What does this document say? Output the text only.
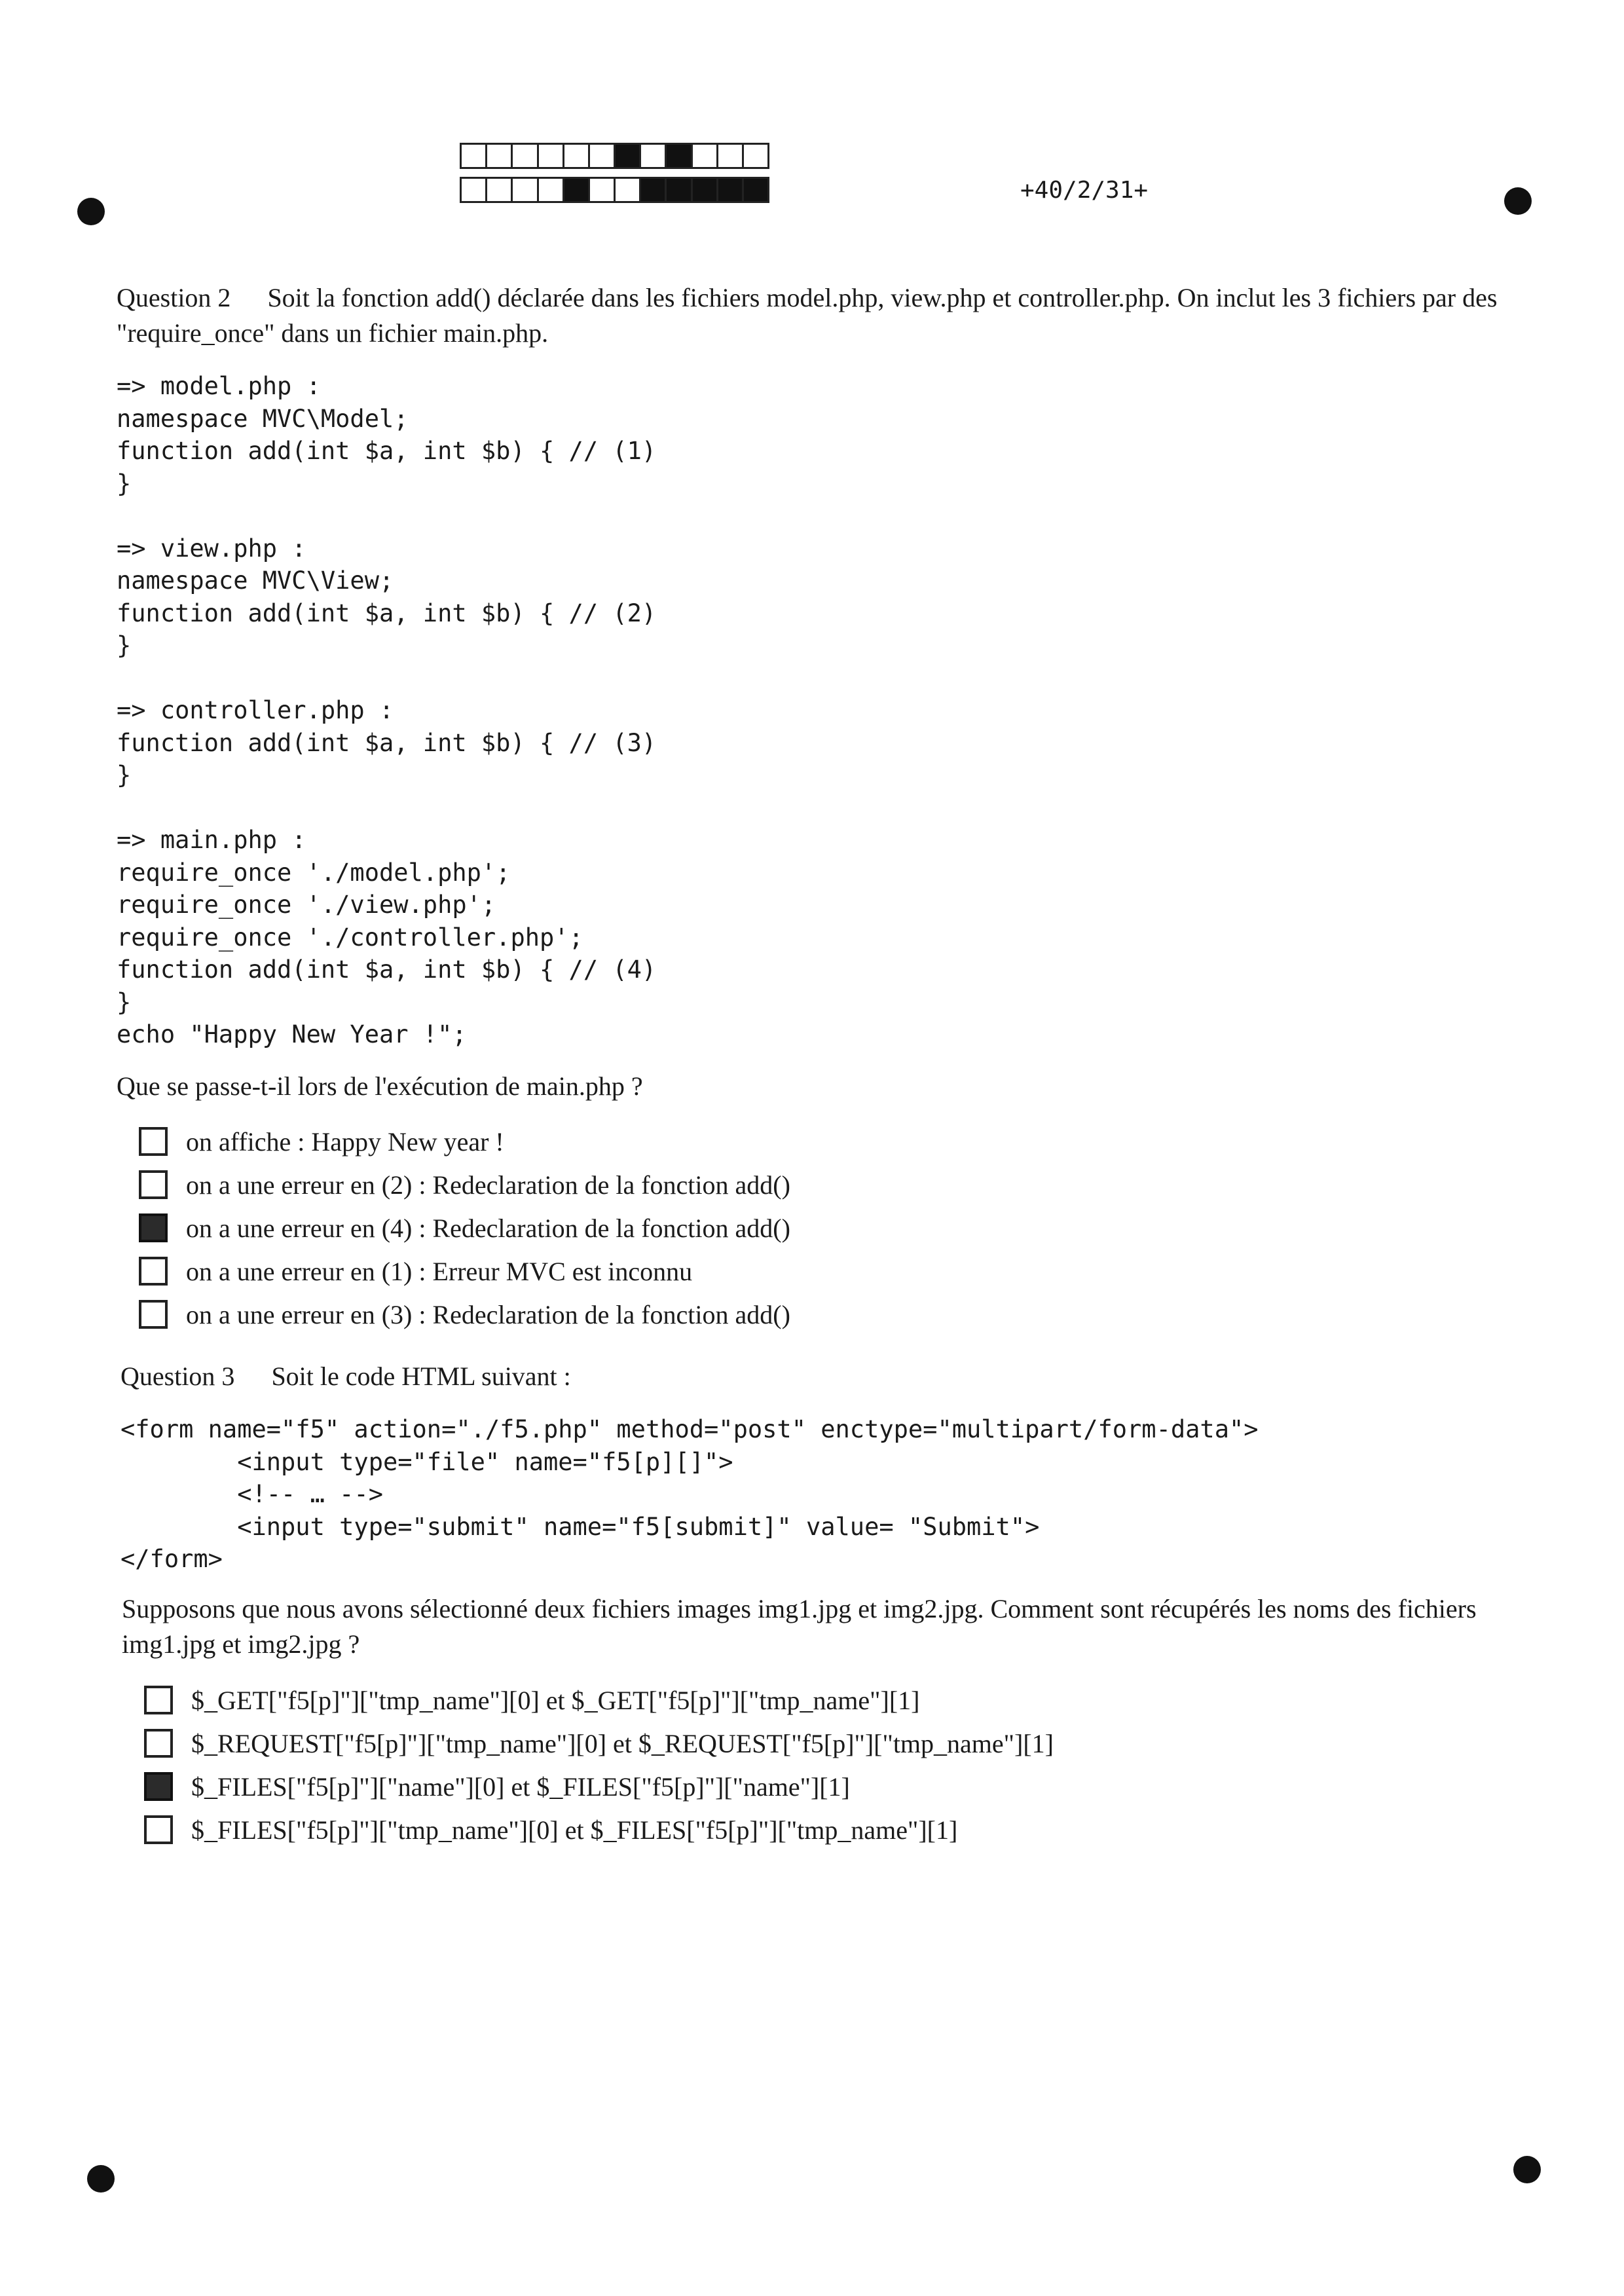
+40/2/31+
Question 2 Soit la fonction add() déclarée dans les fichiers model.php, view.php et controller.php. On inclut les 3 fichiers par des "require_once" dans un fichier main.php.
=> model.php :
namespace MVC\Model;
function add(int $a, int $b) { // (1)
}

=> view.php :
namespace MVC\View;
function add(int $a, int $b) { // (2)
}

=> controller.php :
function add(int $a, int $b) { // (3)
}

=> main.php :
require_once './model.php';
require_once './view.php';
require_once './controller.php';
function add(int $a, int $b) { // (4)
}
echo "Happy New Year !";
Que se passe-t-il lors de l'exécution de main.php ?
on affiche : Happy New year !
on a une erreur en (2) : Redeclaration de la fonction add()
on a une erreur en (4) : Redeclaration de la fonction add()
on a une erreur en (1) : Erreur MVC est inconnu
on a une erreur en (3) : Redeclaration de la fonction add()
Question 3 Soit le code HTML suivant :
<form name="f5" action="./f5.php" method="post" enctype="multipart/form-data">
<input type="file" name="f5[p][]">
<!-- … -->
<input type="submit" name="f5[submit]" value= "Submit">
</form>
Supposons que nous avons sélectionné deux fichiers images img1.jpg et img2.jpg. Comment sont récupérés les noms des fichiers img1.jpg et img2.jpg ?
$_GET["f5[p]"]["tmp_name"][0] et $_GET["f5[p]"]["tmp_name"][1]
$_REQUEST["f5[p]"]["tmp_name"][0] et $_REQUEST["f5[p]"]["tmp_name"][1]
$_FILES["f5[p]"]["name"][0] et $_FILES["f5[p]"]["name"][1]
$_FILES["f5[p]"]["tmp_name"][0] et $_FILES["f5[p]"]["tmp_name"][1]
